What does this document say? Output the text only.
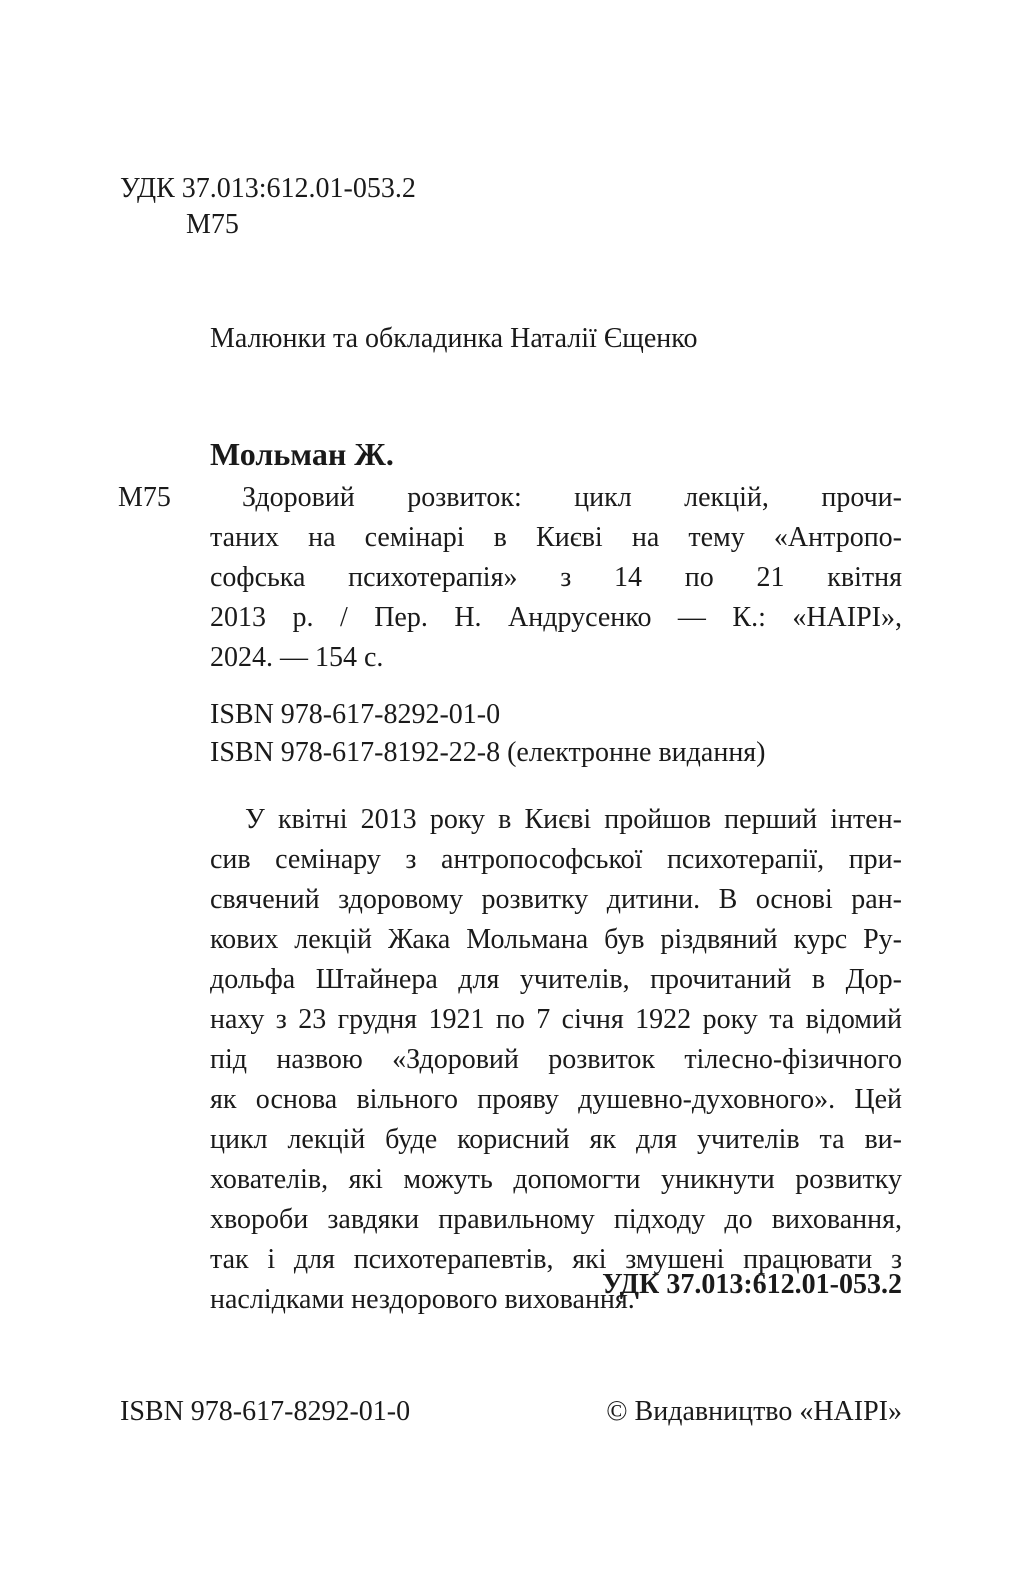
УДК 37.013:612.01-053.2
М75
Малюнки та обкладинка Наталії Єщенко
Мольман Ж.
М75	Здоровий розвиток: цикл лекцій, прочи-
таних на семінарі в Києві на тему «Антропо-
софська психотерапія» з 14 по 21 квітня
2013 р. / Пер. Н. Андрусенко — К.: «НАІРІ»,
2024. — 154 с.
ISBN 978-617-8292-01-0
ISBN 978-617-8192-22-8 (електронне видання)
У квітні 2013 року в Києві пройшов перший інтен-
сив семінару з антропософської психотерапії, при-
свячений здоровому розвитку дитини. В основі ран-
кових лекцій Жака Мольмана був різдвяний курс Ру-
дольфа Штайнера для учителів, прочитаний в Дор-
наху з 23 грудня 1921 по 7 січня 1922 року та відомий
під назвою «Здоровий розвиток тілесно-фізичного
як основа вільного прояву душевно-духовного». Цей
цикл лекцій буде корисний як для учителів та ви-
хователів, які можуть допомогти уникнути розвитку
хвороби завдяки правильному підходу до виховання,
так і для психотерапевтів, які змушені працювати з
наслідками нездорового виховання.
УДК 37.013:612.01-053.2
ISBN 978-617-8292-01-0	© Видавництво «НАІРІ»
